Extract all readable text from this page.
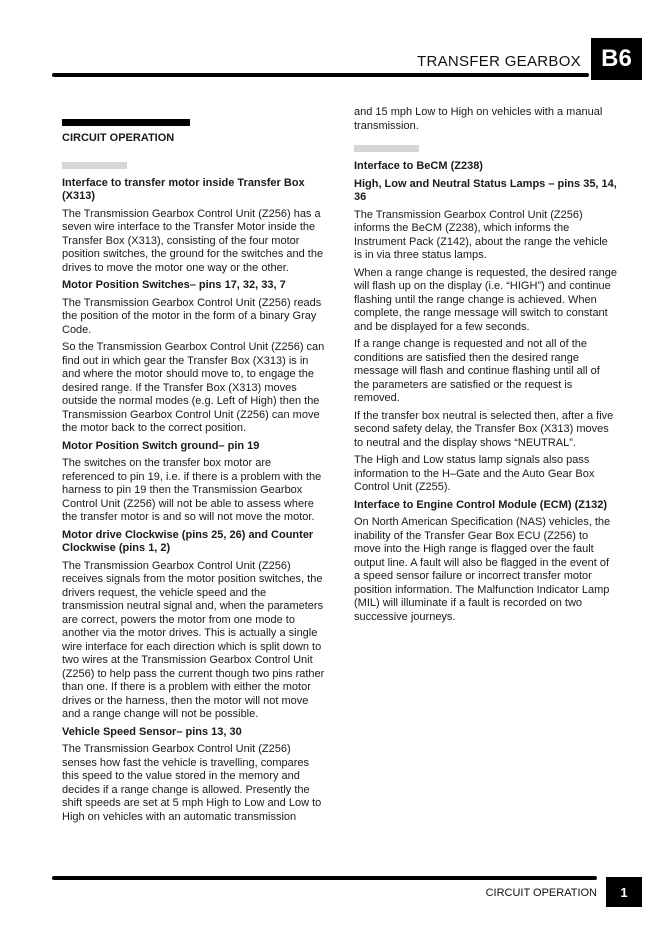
TRANSFER GEARBOX B6
CIRCUIT OPERATION
Interface to transfer motor inside Transfer Box (X313)

The Transmission Gearbox Control Unit (Z256) has a seven wire interface to the Transfer Motor inside the Transfer Box (X313), consisting of the four motor position switches, the ground for the switches and the drives to move the motor one way or the other.

Motor Position Switches– pins 17, 32, 33, 7

The Transmission Gearbox Control Unit (Z256) reads the position of the motor in the form of a binary Gray Code.

So the Transmission Gearbox Control Unit (Z256) can find out in which gear the Transfer Box (X313) is in and where the motor should move to, to engage the desired range. If the Transfer Box (X313) moves outside the normal modes (e.g. Left of High) then the Transmission Gearbox Control Unit (Z256) can move the motor back to the correct position.

Motor Position Switch ground– pin 19

The switches on the transfer box motor are referenced to pin 19, i.e. if there is a problem with the harness to pin 19 then the Transmission Gearbox Control Unit (Z256) will not be able to assess where the transfer motor is and so will not move the motor.

Motor drive Clockwise (pins 25, 26) and Counter Clockwise (pins 1, 2)

The Transmission Gearbox Control Unit (Z256) receives signals from the motor position switches, the drivers request, the vehicle speed and the transmission neutral signal and, when the parameters are correct, powers the motor from one mode to another via the motor drives. This is actually a single wire interface for each direction which is split down to two wires at the Transmission Gearbox Control Unit (Z256) to help pass the current though two pins rather than one. If there is a problem with either the motor drives or the harness, then the motor will not move and a range change will not be possible.

Vehicle Speed Sensor– pins 13, 30

The Transmission Gearbox Control Unit (Z256) senses how fast the vehicle is travelling, compares this speed to the value stored in the memory and decides if a range change is allowed. Presently the shift speeds are set at 5 mph High to Low and Low to High on vehicles with an automatic transmission

and 15 mph Low to High on vehicles with a manual transmission.

Interface to BeCM (Z238)
High, Low and Neutral Status Lamps – pins 35, 14, 36

The Transmission Gearbox Control Unit (Z256) informs the BeCM (Z238), which informs the Instrument Pack (Z142), about the range the vehicle is in via three status lamps.

When a range change is requested, the desired range will flash up on the display (i.e. “HIGH”) and continue flashing until the range change is achieved. When complete, the range message will switch to constant and be displayed for a few seconds.

If a range change is requested and not all of the conditions are satisfied then the desired range message will flash and continue flashing until all of the parameters are satisfied or the request is removed.

If the transfer box neutral is selected then, after a five second safety delay, the Transfer Box (X313) moves to neutral and the display shows “NEUTRAL”.

The High and Low status lamp signals also pass information to the H–Gate and the Auto Gear Box Control Unit (Z255).

Interface to Engine Control Module (ECM) (Z132)

On North American Specification (NAS) vehicles, the inability of the Transfer Gear Box ECU (Z256) to move into the High range is flagged over the fault output line. A fault will also be flagged in the event of a speed sensor failure or incorrect transfer motor position information. The Malfunction Indicator Lamp (MIL) will illuminate if a fault is recorded on two successive journeys.

CIRCUIT OPERATION	1
